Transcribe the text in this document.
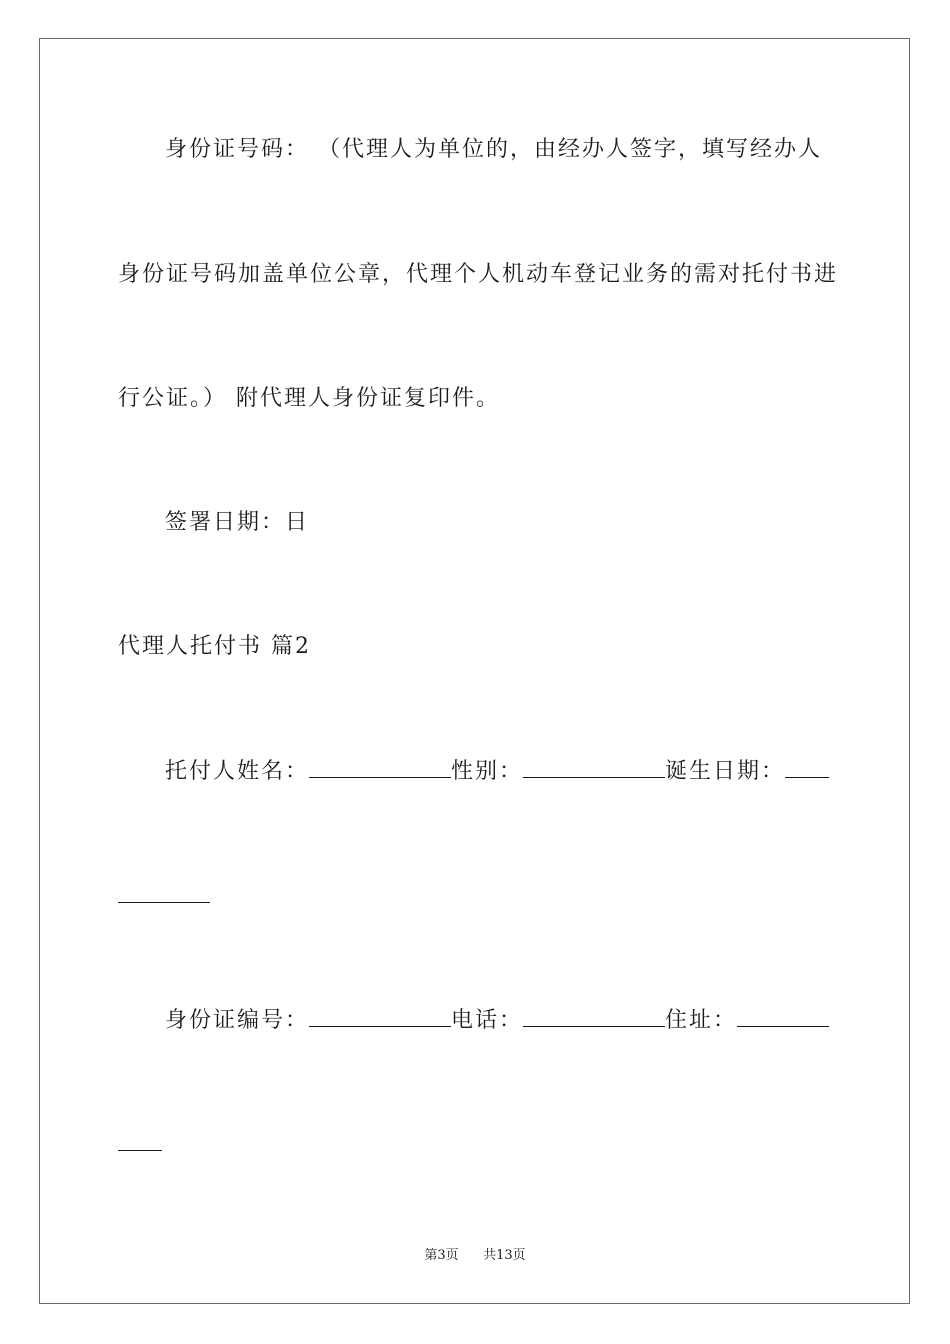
身份证号码： （代理人为单位的，由经办人签字，填写经办人
身份证号码加盖单位公章，代理个人机动车登记业务的需对托付书进
行公证。） 附代理人身份证复印件。
签署日期：日
代理人托付书 篇2
托付人姓名：	性别：	诞生日期：
身份证编号：	电话：	住址：
第3页 共13页
